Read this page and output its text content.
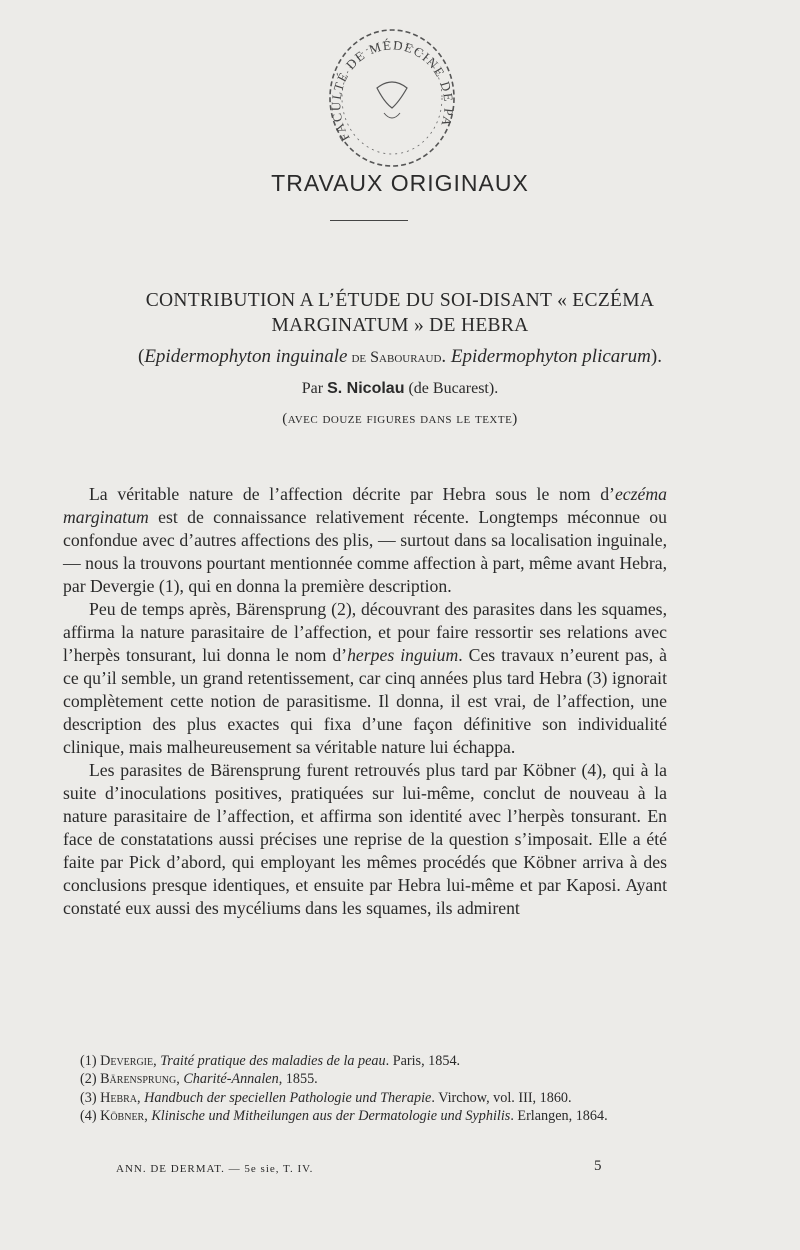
FACULTÉ DE MÉDECINE DE PA
TRAVAUX ORIGINAUX
CONTRIBUTION A L’ÉTUDE DU SOI-DISANT « ECZÉMA
MARGINATUM » DE HEBRA
(Epidermophyton inguinale de Sabouraud. Epidermophyton plicarum).
Par S. Nicolau (de Bucarest).
(avec douze figures dans le texte)

La véritable nature de l’affection décrite par Hebra sous le nom d’eczéma marginatum est de connaissance relativement récente. Longtemps méconnue ou confondue avec d’autres affections des plis, — surtout dans sa localisation inguinale, — nous la trouvons pourtant mentionnée comme affection à part, même avant Hebra, par Devergie (1), qui en donna la première description.

Peu de temps après, Bärensprung (2), découvrant des parasites dans les squames, affirma la nature parasitaire de l’affection, et pour faire ressortir ses relations avec l’herpès tonsurant, lui donna le nom d’herpes inguium. Ces travaux n’eurent pas, à ce qu’il semble, un grand retentissement, car cinq années plus tard Hebra (3) ignorait complètement cette notion de parasitisme. Il donna, il est vrai, de l’affection, une description des plus exactes qui fixa d’une façon définitive son individualité clinique, mais malheureusement sa véritable nature lui échappa.

Les parasites de Bärensprung furent retrouvés plus tard par Köbner (4), qui à la suite d’inoculations positives, pratiquées sur lui-même, conclut de nouveau à la nature parasitaire de l’affection, et affirma son identité avec l’herpès tonsurant. En face de constatations aussi précises une reprise de la question s’imposait. Elle a été faite par Pick d’abord, qui employant les mêmes procédés que Köbner arriva à des conclusions presque identiques, et ensuite par Hebra lui-même et par Kaposi. Ayant constaté eux aussi des mycéliums dans les squames, ils admirent

(1) Devergie, Traité pratique des maladies de la peau. Paris, 1854.

(2) Bärensprung, Charité-Annalen, 1855.

(3) Hebra, Handbuch der speciellen Pathologie und Therapie. Virchow, vol. III, 1860.

(4) Köbner, Klinische und Mitheilungen aus der Dermatologie und Syphilis. Erlangen, 1864.

ANN. DE DERMAT. — 5e sie, T. IV.	5
